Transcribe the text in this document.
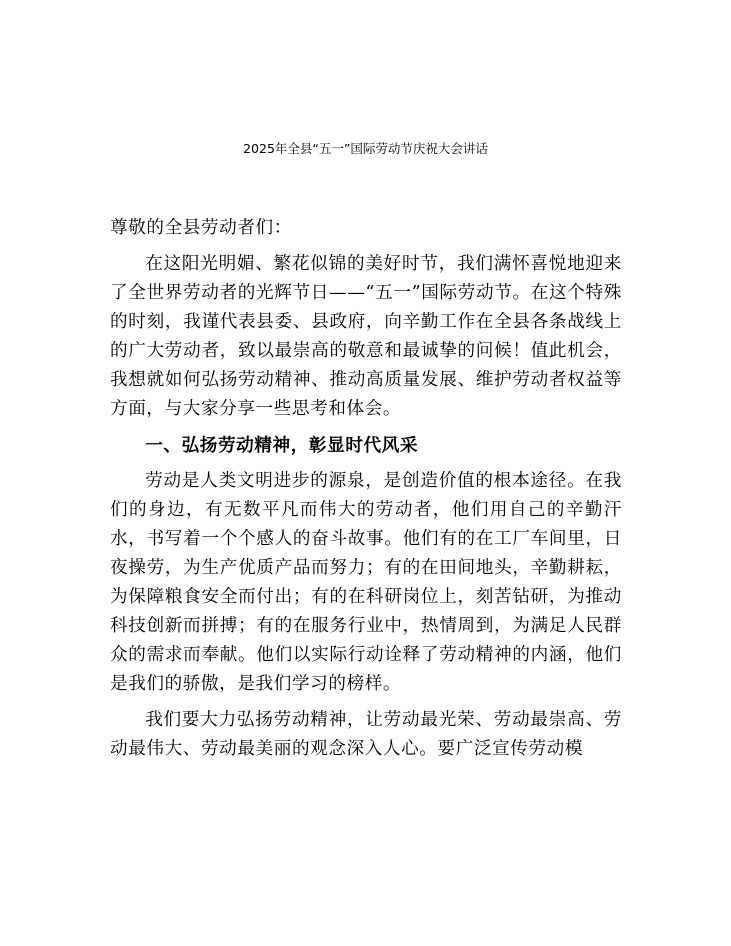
2025年全县“五一”国际劳动节庆祝大会讲话

尊敬的全县劳动者们：

在这阳光明媚、繁花似锦的美好时节，我们满怀喜悦地迎来了全世界劳动者的光辉节日——“五一”国际劳动节。在这个特殊的时刻，我谨代表县委、县政府，向辛勤工作在全县各条战线上的广大劳动者，致以最崇高的敬意和最诚挚的问候！值此机会，我想就如何弘扬劳动精神、推动高质量发展、维护劳动者权益等方面，与大家分享一些思考和体会。

一、弘扬劳动精神，彰显时代风采

劳动是人类文明进步的源泉，是创造价值的根本途径。在我们的身边，有无数平凡而伟大的劳动者，他们用自己的辛勤汗水，书写着一个个感人的奋斗故事。他们有的在工厂车间里，日夜操劳，为生产优质产品而努力；有的在田间地头，辛勤耕耘，为保障粮食安全而付出；有的在科研岗位上，刻苦钻研，为推动科技创新而拼搏；有的在服务行业中，热情周到，为满足人民群众的需求而奉献。他们以实际行动诠释了劳动精神的内涵，他们是我们的骄傲，是我们学习的榜样。

我们要大力弘扬劳动精神，让劳动最光荣、劳动最崇高、劳动最伟大、劳动最美丽的观念深入人心。要广泛宣传劳动模
